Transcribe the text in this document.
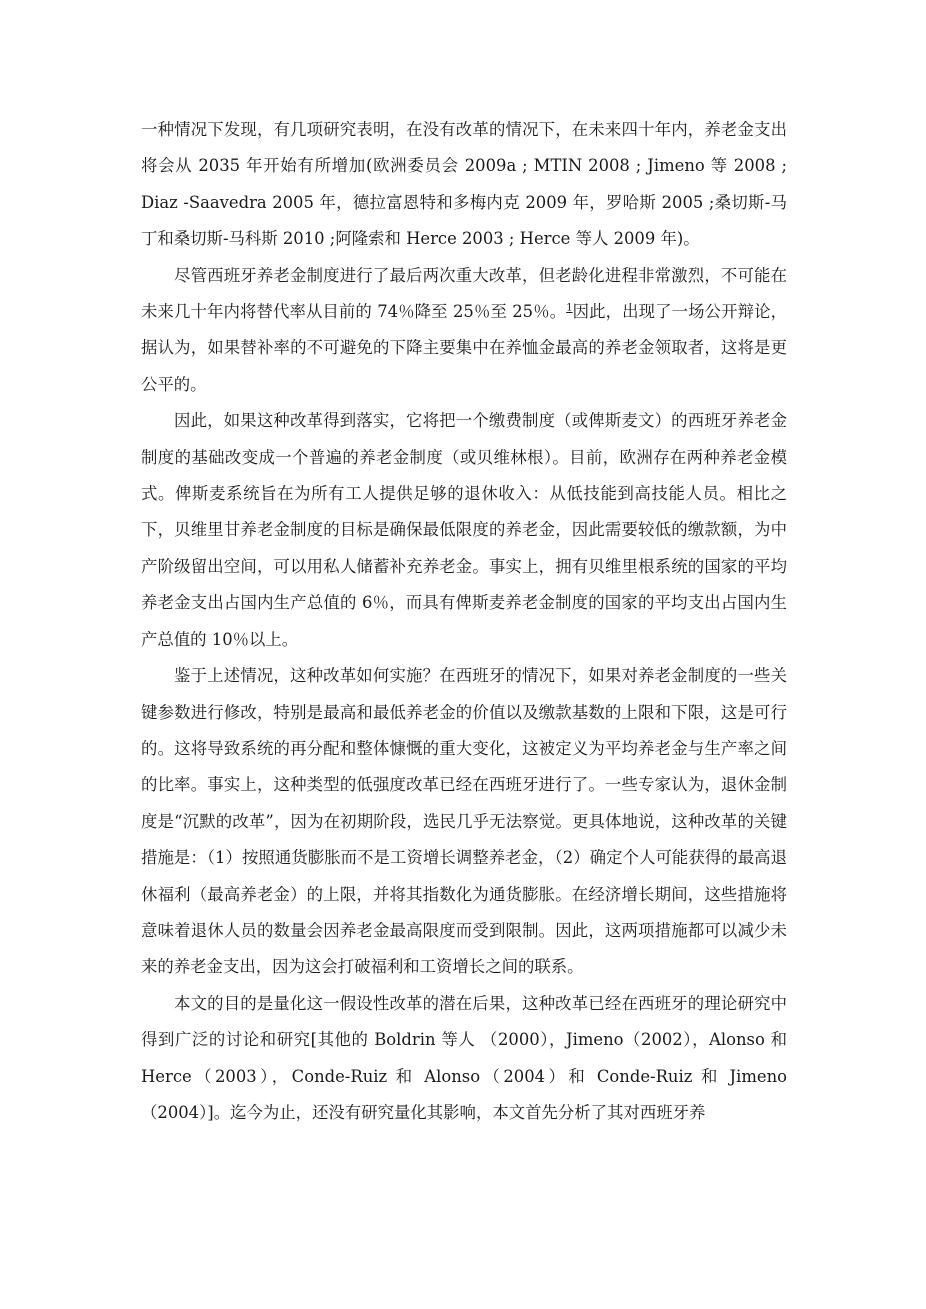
一种情况下发现，有几项研究表明，在没有改革的情况下，在未来四十年内，养老金支出将会从 2035 年开始有所增加(欧洲委员会 2009a ; MTIN 2008 ; Jimeno 等 2008 ; Diaz -Saavedra 2005 年，德拉富恩特和多梅内克 2009 年，罗哈斯 2005 ;桑切斯-马丁和桑切斯-马科斯 2010 ;阿隆索和 Herce 2003 ; Herce 等人 2009 年)。

尽管西班牙养老金制度进行了最后两次重大改革，但老龄化进程非常激烈，不可能在未来几十年内将替代率从目前的 74％降至 25％至 25％。$^1$因此，出现了一场公开辩论，据认为，如果替补率的不可避免的下降主要集中在养恤金最高的养老金领取者，这将是更公平的。

因此，如果这种改革得到落实，它将把一个缴费制度（或俾斯麦文）的西班牙养老金制度的基础改变成一个普遍的养老金制度（或贝维林根）。目前，欧洲存在两种养老金模式。俾斯麦系统旨在为所有工人提供足够的退休收入：从低技能到高技能人员。相比之下，贝维里甘养老金制度的目标是确保最低限度的养老金，因此需要较低的缴款额，为中产阶级留出空间，可以用私人储蓄补充养老金。事实上，拥有贝维里根系统的国家的平均养老金支出占国内生产总值的 6％，而具有俾斯麦养老金制度的国家的平均支出占国内生产总值的 10％以上。

鉴于上述情况，这种改革如何实施？在西班牙的情况下，如果对养老金制度的一些关键参数进行修改，特别是最高和最低养老金的价值以及缴款基数的上限和下限，这是可行的。这将导致系统的再分配和整体慷慨的重大变化，这被定义为平均养老金与生产率之间的比率。事实上，这种类型的低强度改革已经在西班牙进行了。一些专家认为，退休金制度是“沉默的改革”，因为在初期阶段，选民几乎无法察觉。更具体地说，这种改革的关键措施是：（1）按照通货膨胀而不是工资增长调整养老金，（2）确定个人可能获得的最高退休福利（最高养老金）的上限，并将其指数化为通货膨胀。在经济增长期间，这些措施将意味着退休人员的数量会因养老金最高限度而受到限制。因此，这两项措施都可以减少未来的养老金支出，因为这会打破福利和工资增长之间的联系。

本文的目的是量化这一假设性改革的潜在后果，这种改革已经在西班牙的理论研究中得到广泛的讨论和研究[其他的 Boldrin 等人 （2000），Jimeno（2002），Alonso 和 Herce（2003），Conde-Ruiz 和 Alonso（2004）和 Conde-Ruiz 和 Jimeno（2004）]。迄今为止，还没有研究量化其影响，本文首先分析了其对西班牙养
